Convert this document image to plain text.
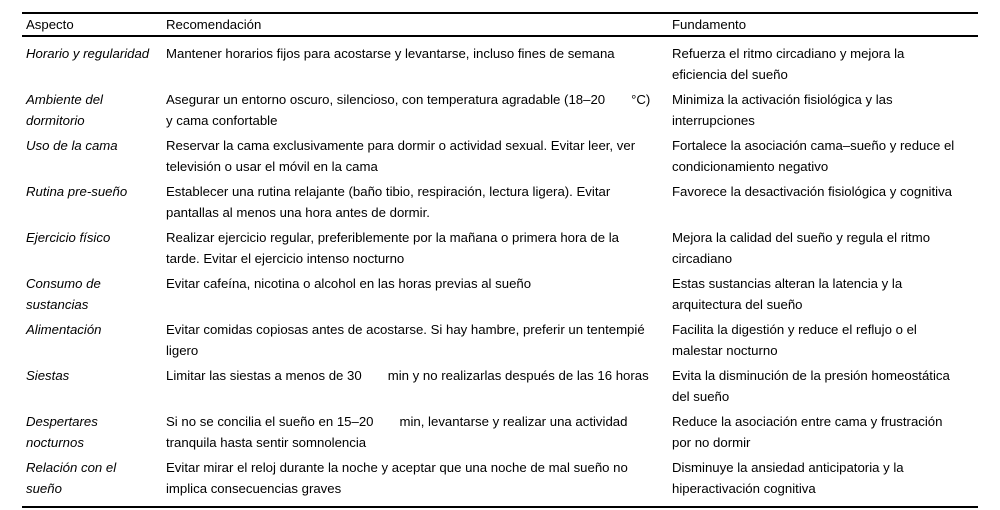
Aspecto	Recomendación	Fundamento
Horario y regularidad	Mantener horarios fijos para acostarse y levantarse, incluso fines de semana	Refuerza el ritmo circadiano y mejora la eficiencia del sueño

Ambiente del dormitorio	Asegurar un entorno oscuro, silencioso, con temperatura agradable (18–20 °C) y cama confortable	Minimiza la activación fisiológica y las interrupciones

Uso de la cama	Reservar la cama exclusivamente para dormir o actividad sexual. Evitar leer, ver televisión o usar el móvil en la cama	Fortalece la asociación cama–sueño y reduce el condicionamiento negativo

Rutina pre-sueño	Establecer una rutina relajante (baño tibio, respiración, lectura ligera). Evitar pantallas al menos una hora antes de dormir.	Favorece la desactivación fisiológica y cognitiva

Ejercicio físico	Realizar ejercicio regular, preferiblemente por la mañana o primera hora de la tarde. Evitar el ejercicio intenso nocturno	Mejora la calidad del sueño y regula el ritmo circadiano

Consumo de sustancias	Evitar cafeína, nicotina o alcohol en las horas previas al sueño	Estas sustancias alteran la latencia y la arquitectura del sueño

Alimentación	Evitar comidas copiosas antes de acostarse. Si hay hambre, preferir un tentempié ligero	Facilita la digestión y reduce el reflujo o el malestar nocturno

Siestas	Limitar las siestas a menos de 30 min y no realizarlas después de las 16 horas	Evita la disminución de la presión homeostática del sueño

Despertares nocturnos	Si no se concilia el sueño en 15–20 min, levantarse y realizar una actividad tranquila hasta sentir somnolencia	Reduce la asociación entre cama y frustración por no dormir

Relación con el sueño	Evitar mirar el reloj durante la noche y aceptar que una noche de mal sueño no implica consecuencias graves	Disminuye la ansiedad anticipatoria y la hiperactivación cognitiva
